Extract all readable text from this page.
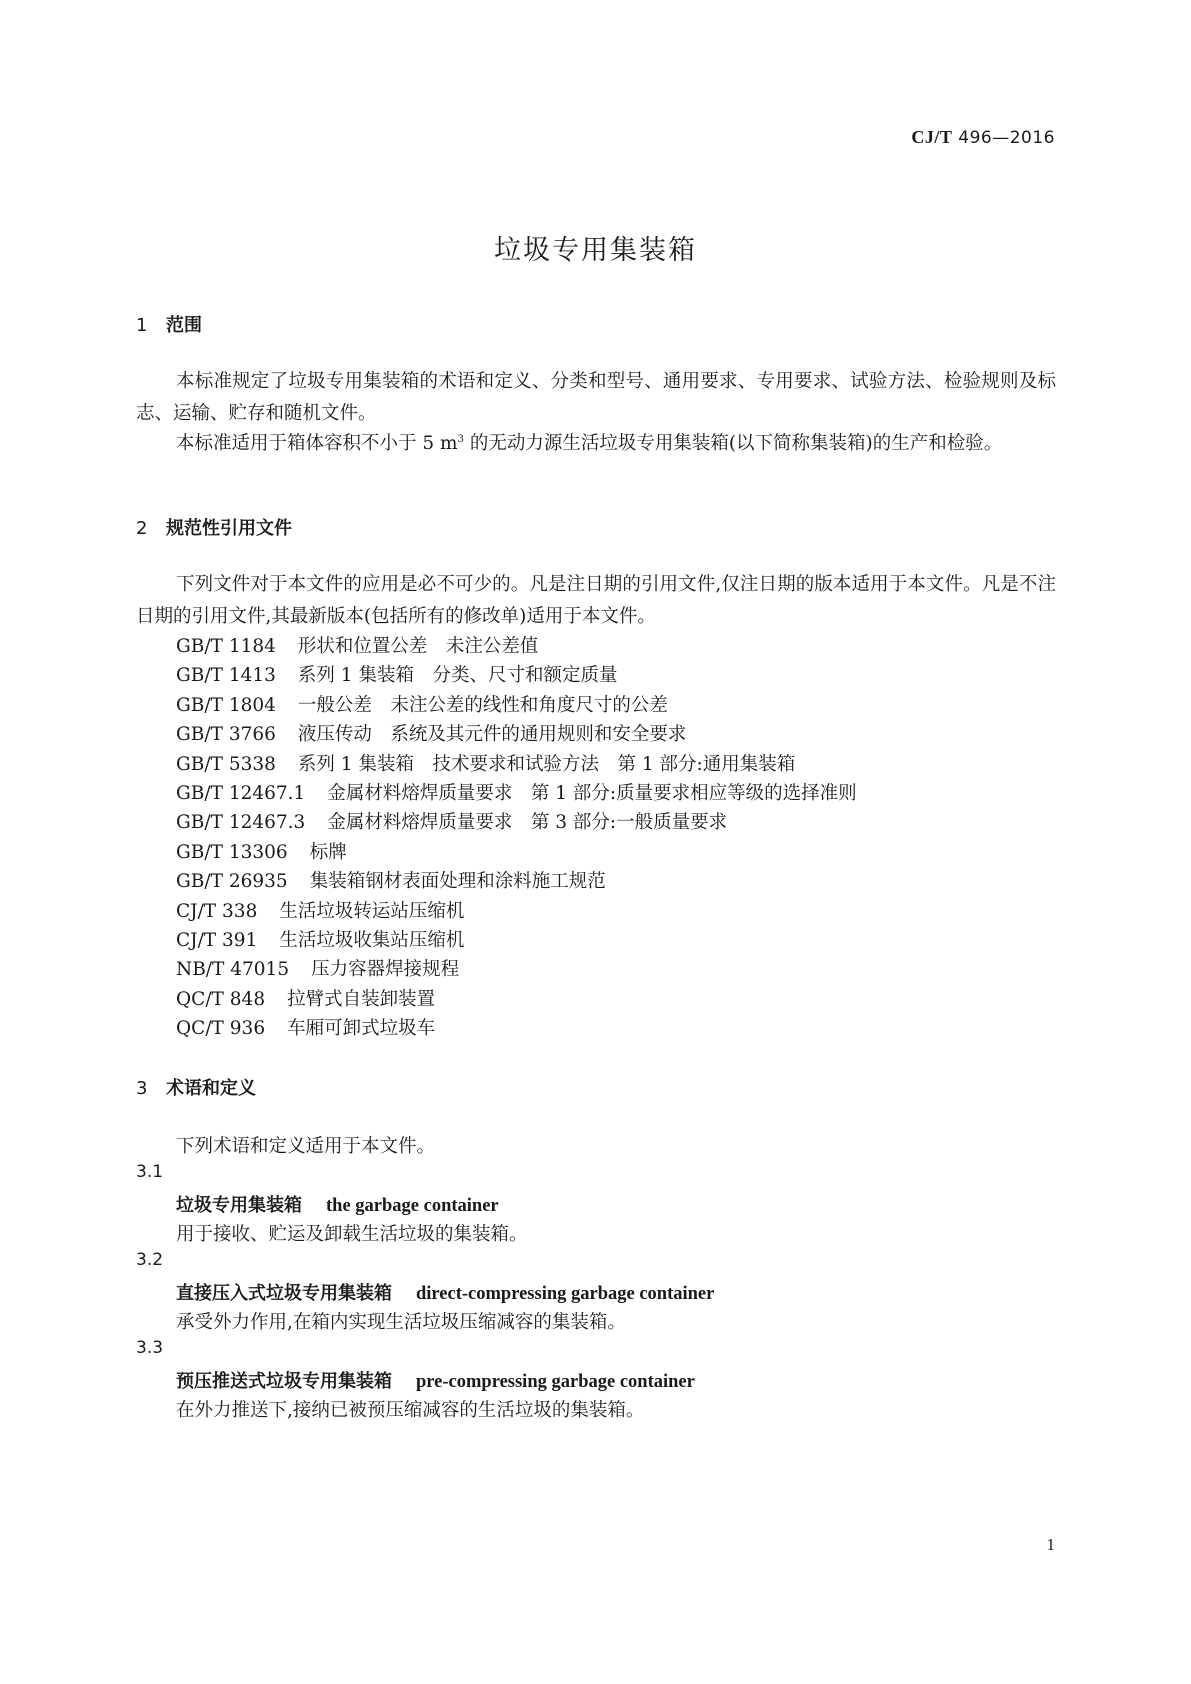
CJ/T 496—2016
垃圾专用集装箱
1 范围
本标准规定了垃圾专用集装箱的术语和定义、分类和型号、通用要求、专用要求、试验方法、检验规则及标志、运输、贮存和随机文件。
本标准适用于箱体容积不小于 5 $m^3$ 的无动力源生活垃圾专用集装箱(以下简称集装箱)的生产和检验。
2 规范性引用文件
下列文件对于本文件的应用是必不可少的。凡是注日期的引用文件,仅注日期的版本适用于本文件。凡是不注日期的引用文件,其最新版本(包括所有的修改单)适用于本文件。
GB/T 1184 形状和位置公差　未注公差值
GB/T 1413 系列 1 集装箱　分类、尺寸和额定质量
GB/T 1804 一般公差　未注公差的线性和角度尺寸的公差
GB/T 3766 液压传动　系统及其元件的通用规则和安全要求
GB/T 5338 系列 1 集装箱　技术要求和试验方法　第 1 部分:通用集装箱
GB/T 12467.1 金属材料熔焊质量要求　第 1 部分:质量要求相应等级的选择准则
GB/T 12467.3 金属材料熔焊质量要求　第 3 部分:一般质量要求
GB/T 13306 标牌
GB/T 26935 集装箱钢材表面处理和涂料施工规范
CJ/T 338 生活垃圾转运站压缩机
CJ/T 391 生活垃圾收集站压缩机
NB/T 47015 压力容器焊接规程
QC/T 848 拉臂式自装卸装置
QC/T 936 车厢可卸式垃圾车
3 术语和定义
下列术语和定义适用于本文件。
3.1
垃圾专用集装箱 the garbage container
用于接收、贮运及卸载生活垃圾的集装箱。
3.2
直接压入式垃圾专用集装箱 direct-compressing garbage container
承受外力作用,在箱内实现生活垃圾压缩减容的集装箱。
3.3
预压推送式垃圾专用集装箱 pre-compressing garbage container
在外力推送下,接纳已被预压缩减容的生活垃圾的集装箱。
1
